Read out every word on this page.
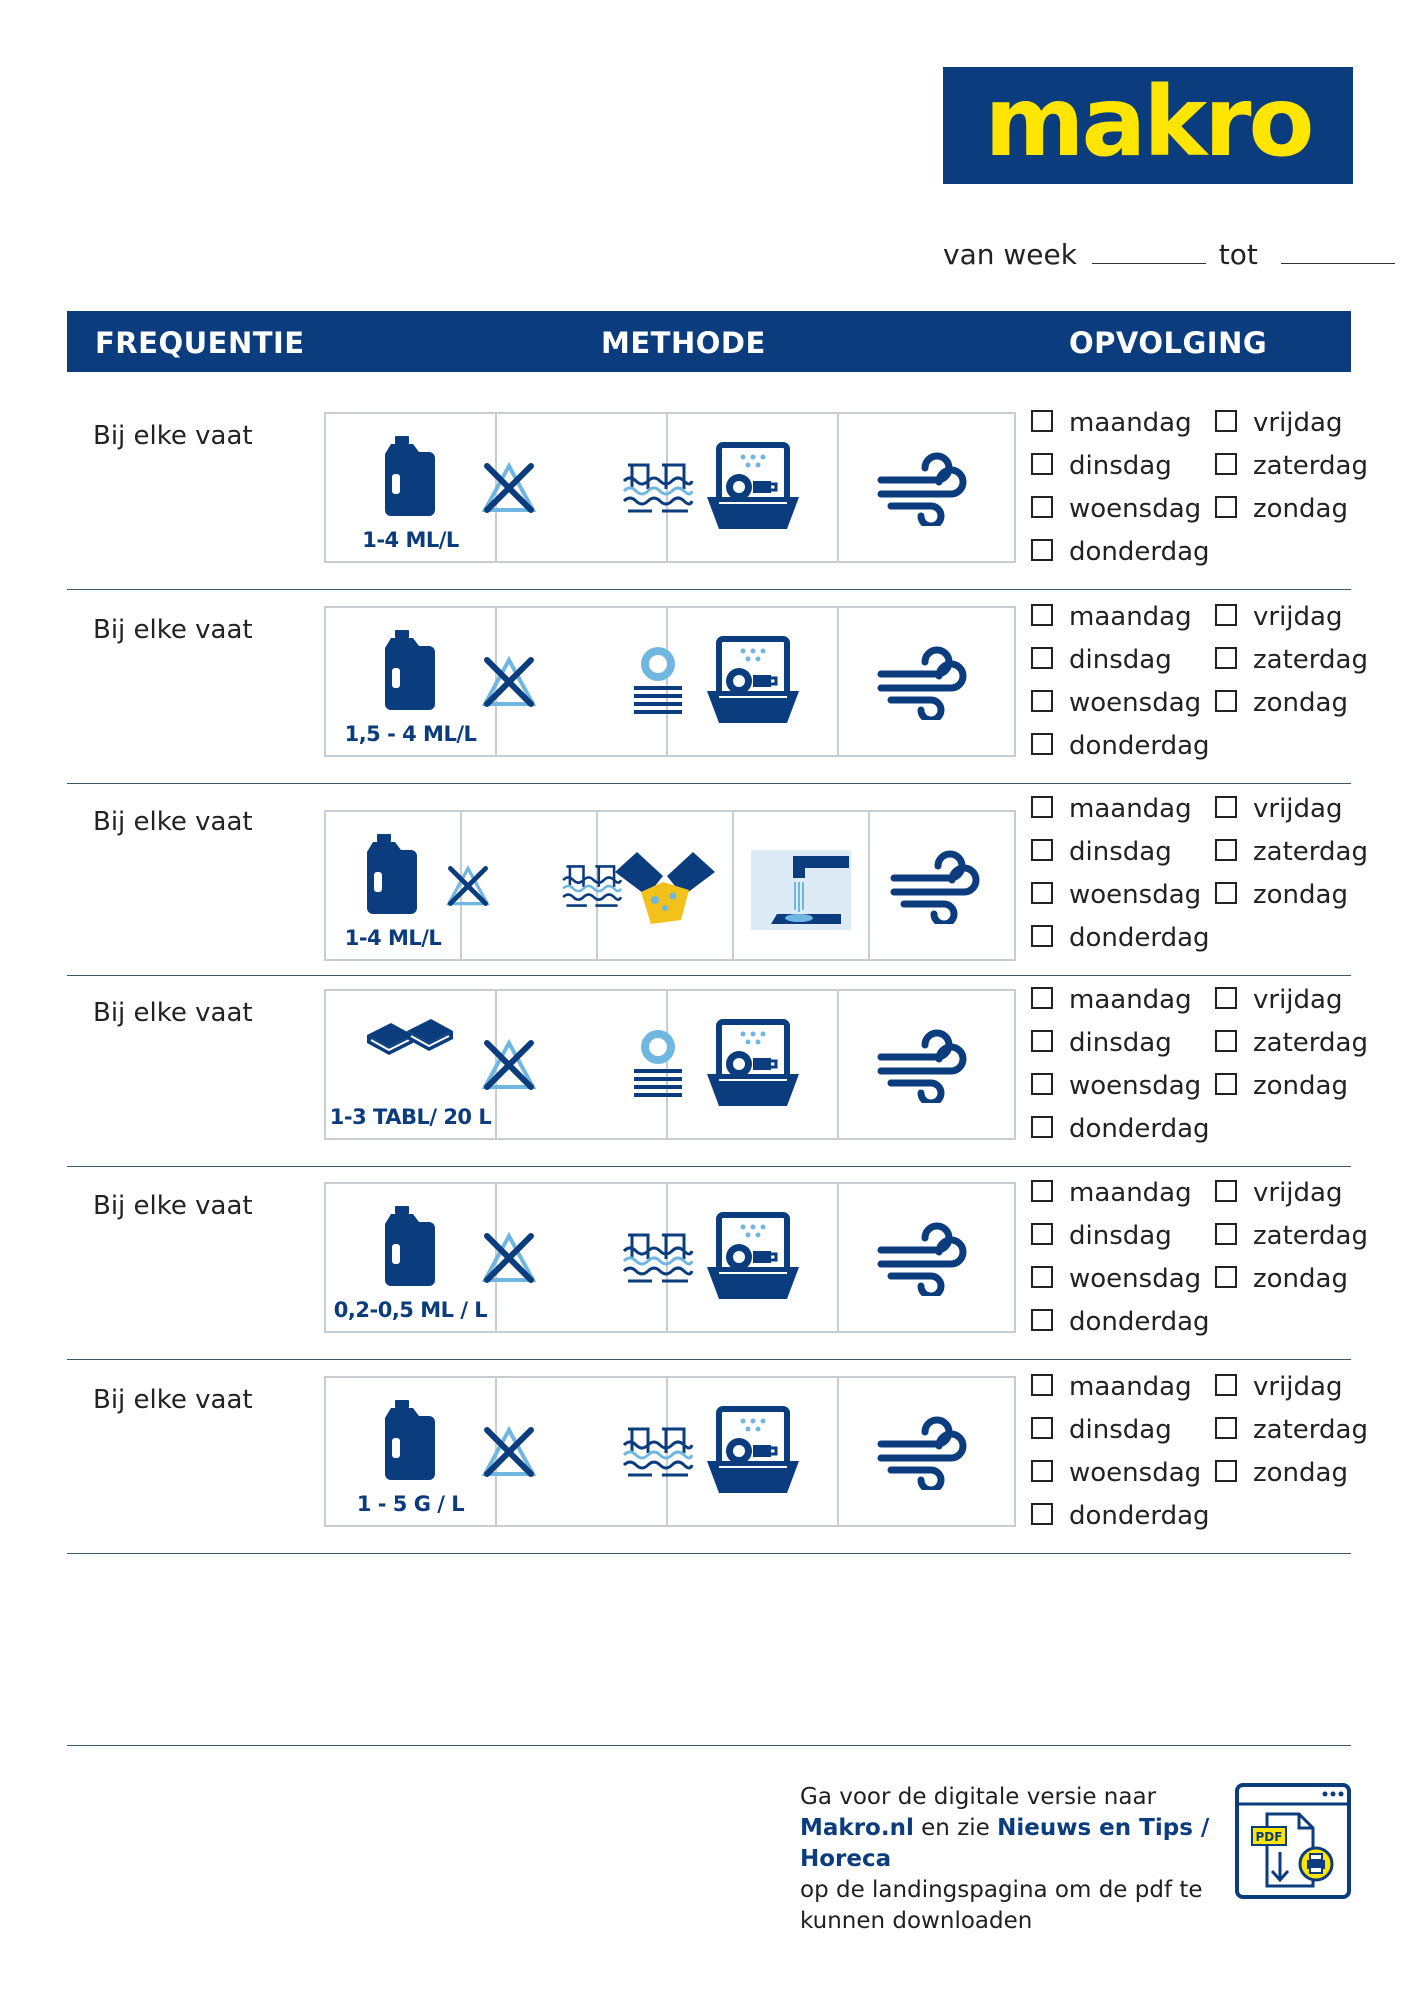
makro
van week	tot
FREQUENTIE	METHODE	OPVOLGING
Bij elke vaat
1-4 ML/L
maandag
dinsdag
woensdag
donderdag
vrijdag
zaterdag
zondag
Bij elke vaat
1,5 - 4 ML/L
maandag
dinsdag
woensdag
donderdag
vrijdag
zaterdag
zondag
Bij elke vaat
1-4 ML/L
maandag
dinsdag
woensdag
donderdag
vrijdag
zaterdag
zondag
Bij elke vaat
1-3 TABL/ 20 L
maandag
dinsdag
woensdag
donderdag
vrijdag
zaterdag
zondag
Bij elke vaat
0,2-0,5 ML / L
maandag
dinsdag
woensdag
donderdag
vrijdag
zaterdag
zondag
Bij elke vaat
1 - 5 G / L
maandag
dinsdag
woensdag
donderdag
vrijdag
zaterdag
zondag
Ga voor de digitale versie naar
Makro.nl en zie Nieuws en Tips / Horeca
op de landingspagina om de pdf te
kunnen downloaden
PDF
